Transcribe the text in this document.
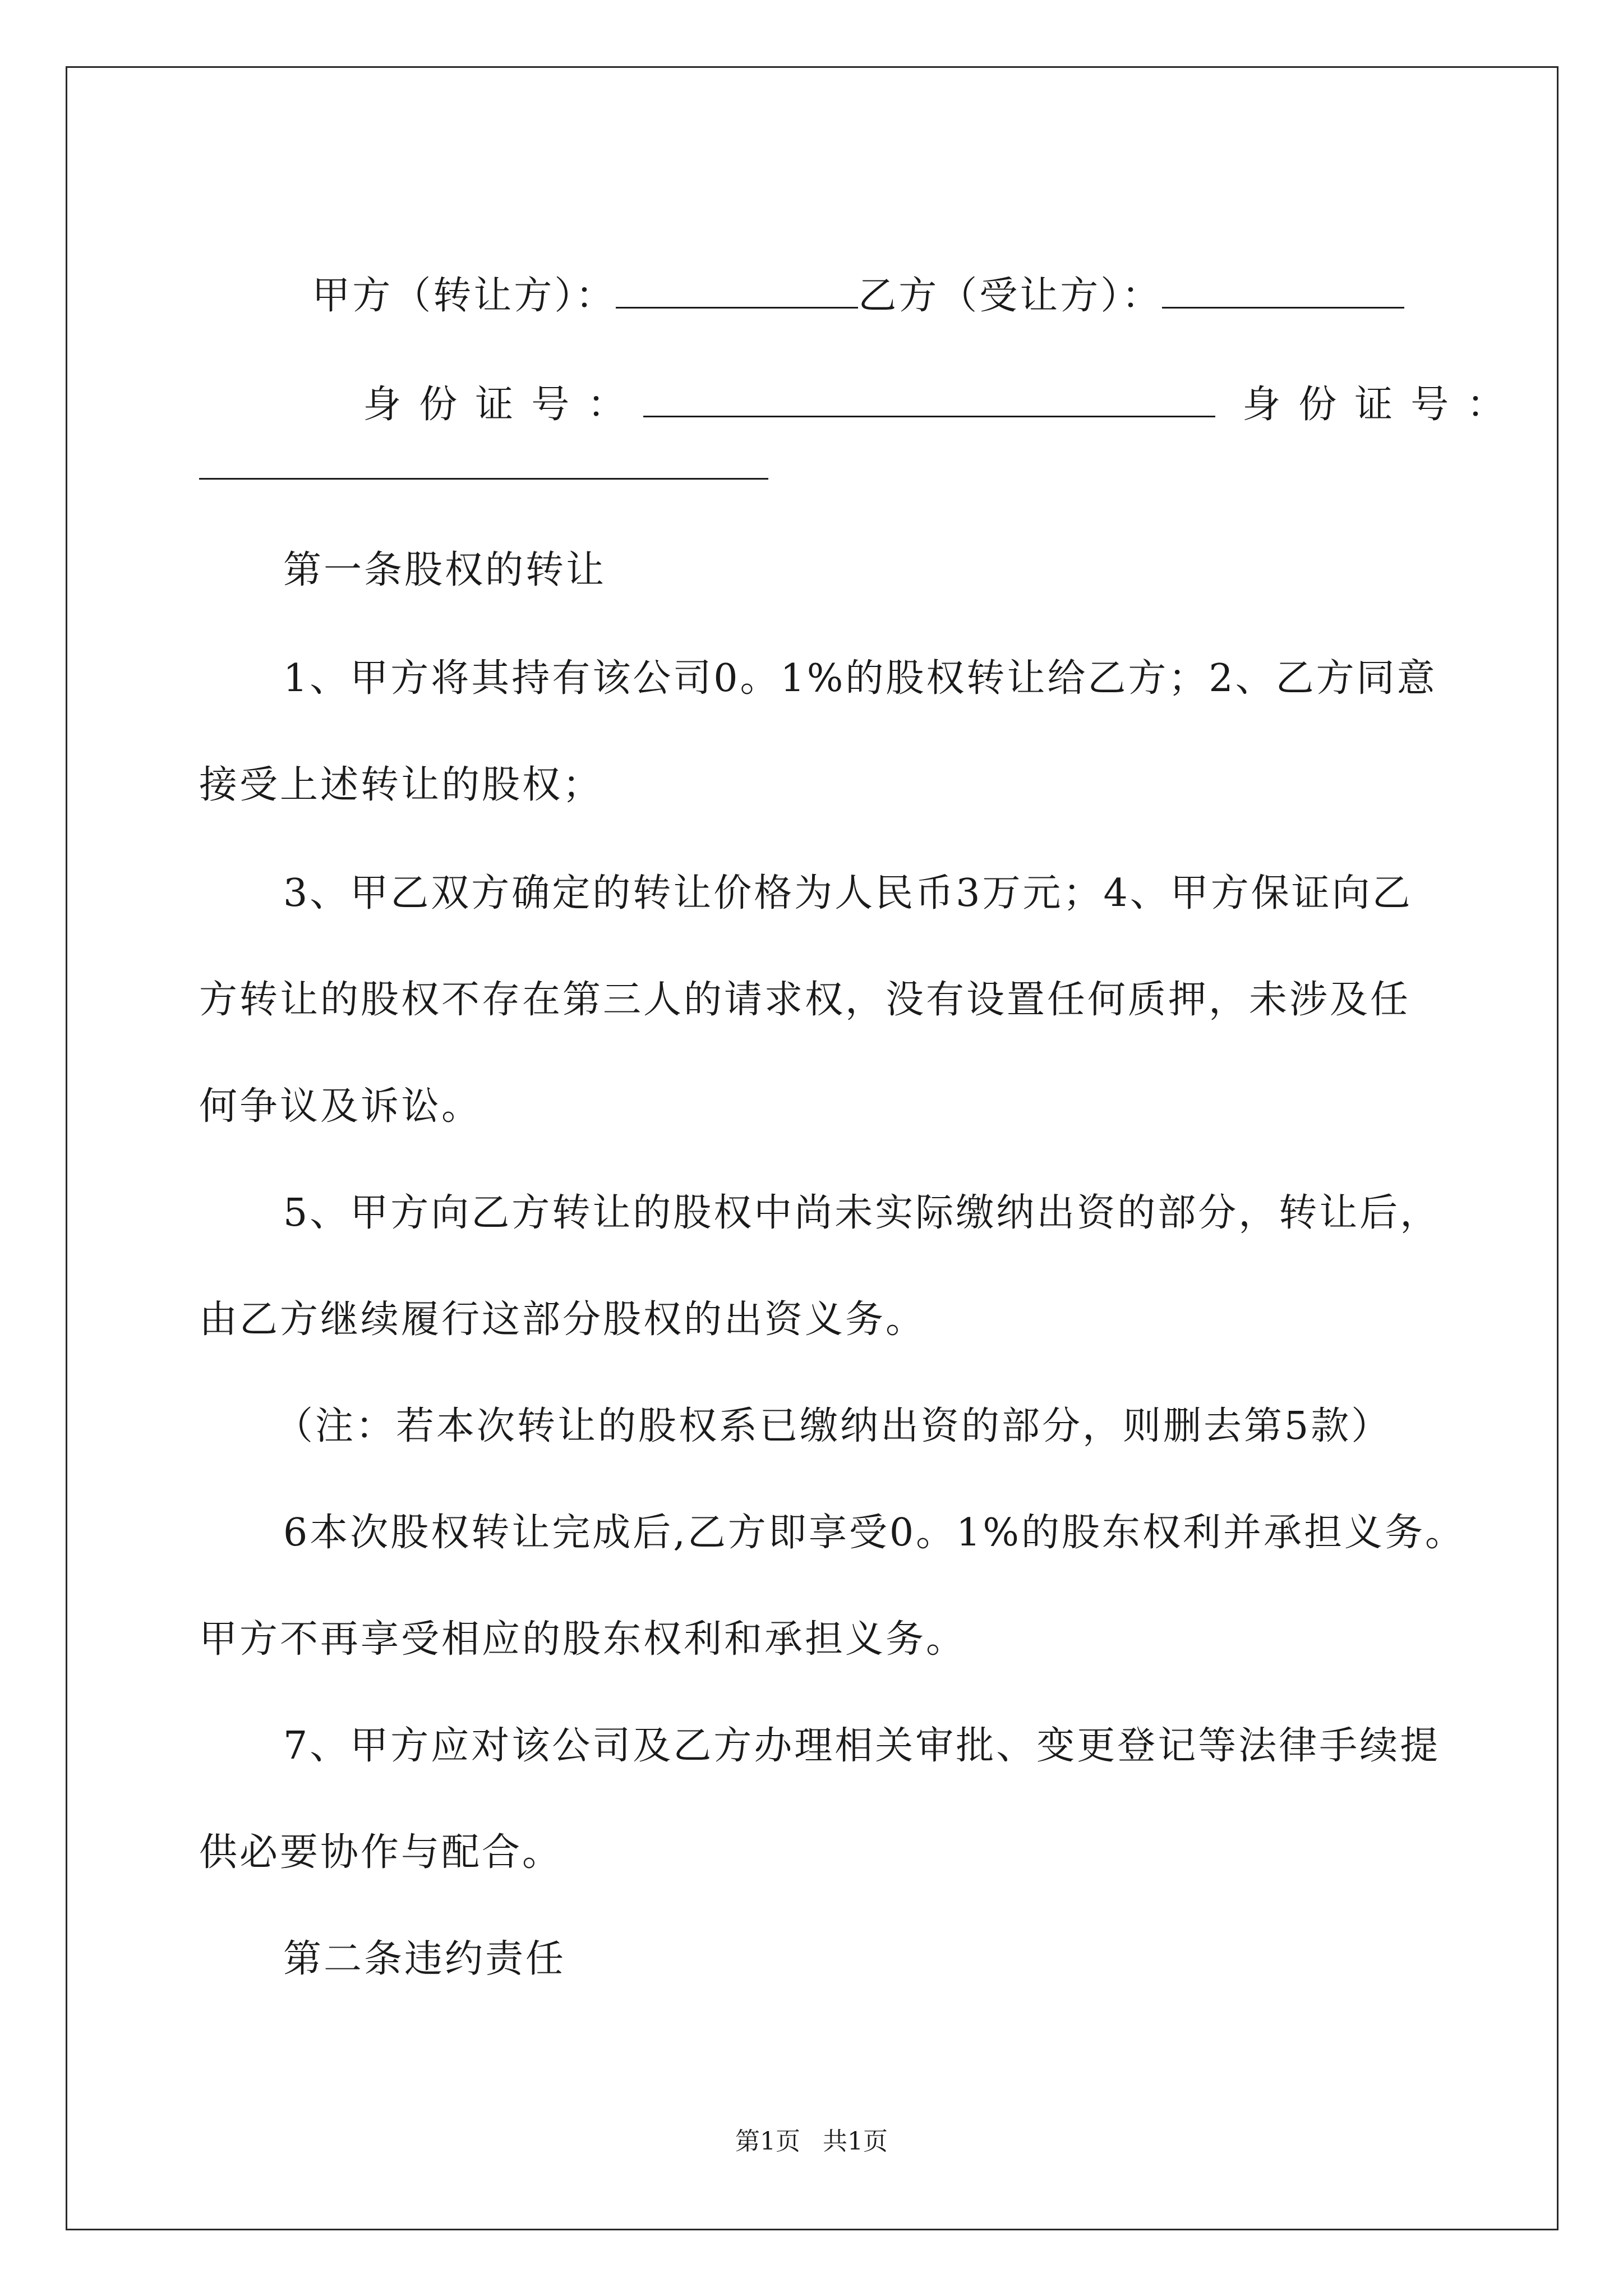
甲方（转让方）：	乙方（受让方）：

身份证号：	身份证号：

第一条股权的转让
1、甲方将其持有该公司0。1%的股权转让给乙方；2、乙方同意
接受上述转让的股权；
3、甲乙双方确定的转让价格为人民币3万元；4、甲方保证向乙
方转让的股权不存在第三人的请求权，没有设置任何质押，未涉及任
何争议及诉讼。
5、甲方向乙方转让的股权中尚未实际缴纳出资的部分，转让后，
由乙方继续履行这部分股权的出资义务。
（注：若本次转让的股权系已缴纳出资的部分，则删去第5款）
6本次股权转让完成后,乙方即享受0。1%的股东权利并承担义务。
甲方不再享受相应的股东权利和承担义务。
7、甲方应对该公司及乙方办理相关审批、变更登记等法律手续提
供必要协作与配合。
第二条违约责任
第1页 共1页
